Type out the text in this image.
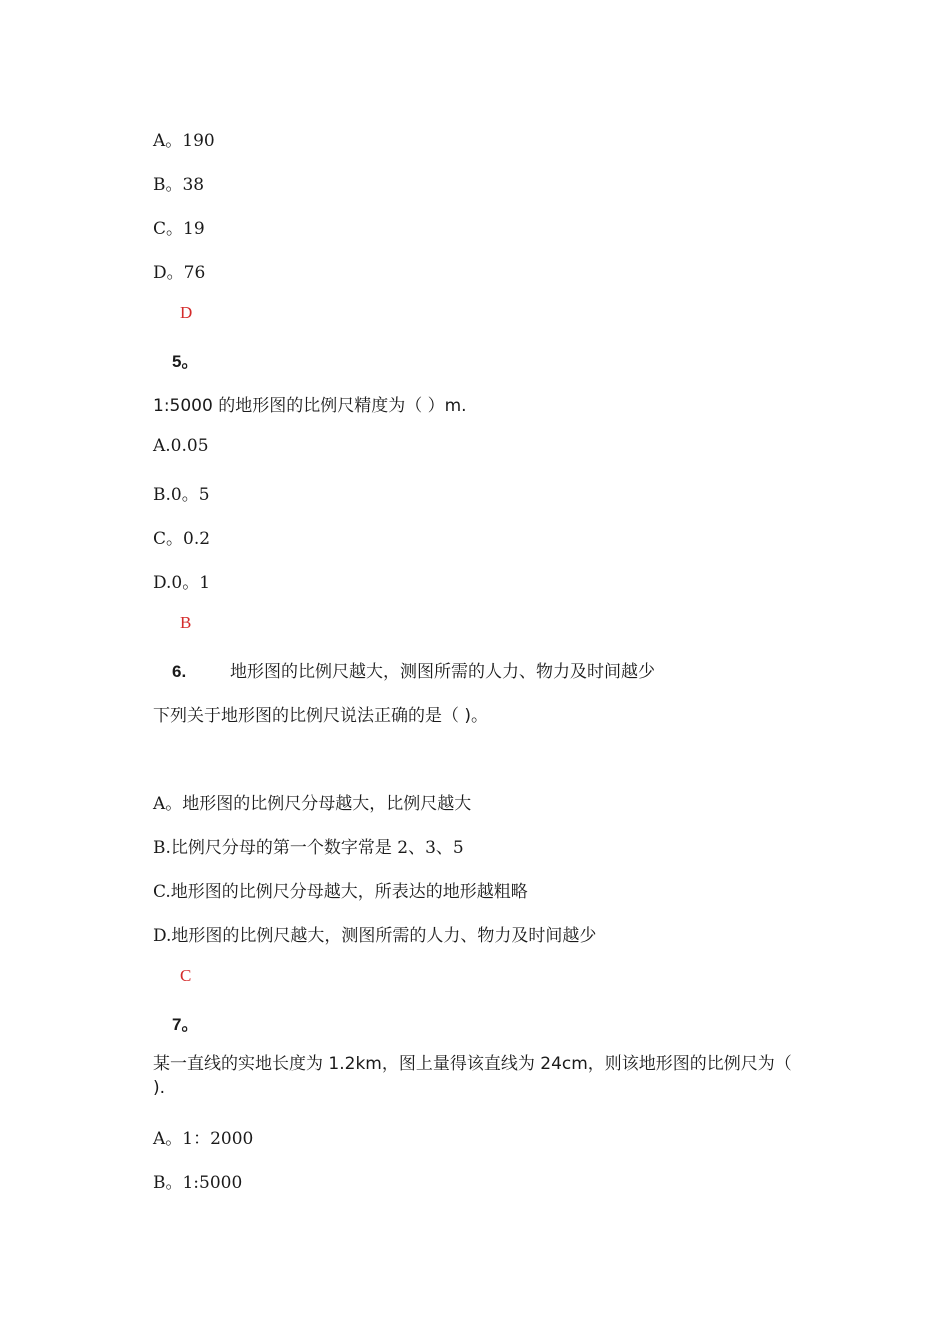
A。190
B。38
C。19
D。76
D
5。
1:5000 的地形图的比例尺精度为（ ）m.
A.0.05
B.0。5
C。0.2
D.0。1
B
6.	地形图的比例尺越大，测图所需的人力、物力及时间越少
下列关于地形图的比例尺说法正确的是（ )。
A。地形图的比例尺分母越大，比例尺越大
B.比例尺分母的第一个数字常是 2、3、5
C.地形图的比例尺分母越大，所表达的地形越粗略
D.地形图的比例尺越大，测图所需的人力、物力及时间越少
C
7。
某一直线的实地长度为 1.2km，图上量得该直线为 24cm，则该地形图的比例尺为（ ).
A。1：2000
B。1:5000
